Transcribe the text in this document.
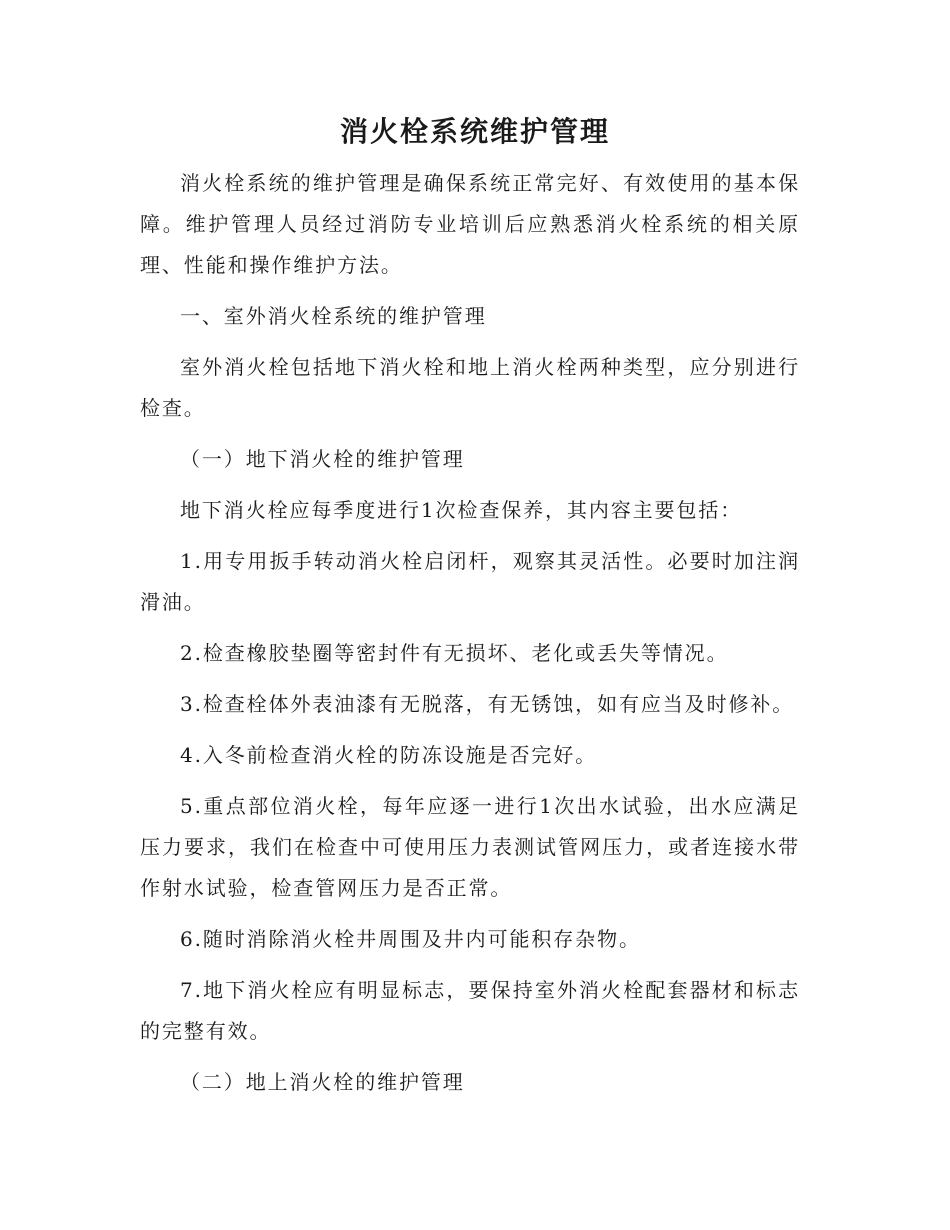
消火栓系统维护管理

消火栓系统的维护管理是确保系统正常完好、有效使用的基本保障。维护管理人员经过消防专业培训后应熟悉消火栓系统的相关原理、性能和操作维护方法。

一、室外消火栓系统的维护管理

室外消火栓包括地下消火栓和地上消火栓两种类型，应分别进行检查。

（一）地下消火栓的维护管理

地下消火栓应每季度进行1次检查保养，其内容主要包括：

1.用专用扳手转动消火栓启闭杆，观察其灵活性。必要时加注润滑油。

2.检查橡胶垫圈等密封件有无损坏、老化或丢失等情况。

3.检查栓体外表油漆有无脱落，有无锈蚀，如有应当及时修补。

4.入冬前检查消火栓的防冻设施是否完好。

5.重点部位消火栓，每年应逐一进行1次出水试验，出水应满足压力要求，我们在检查中可使用压力表测试管网压力，或者连接水带作射水试验，检查管网压力是否正常。

6.随时消除消火栓井周围及井内可能积存杂物。

7.地下消火栓应有明显标志，要保持室外消火栓配套器材和标志的完整有效。

（二）地上消火栓的维护管理
